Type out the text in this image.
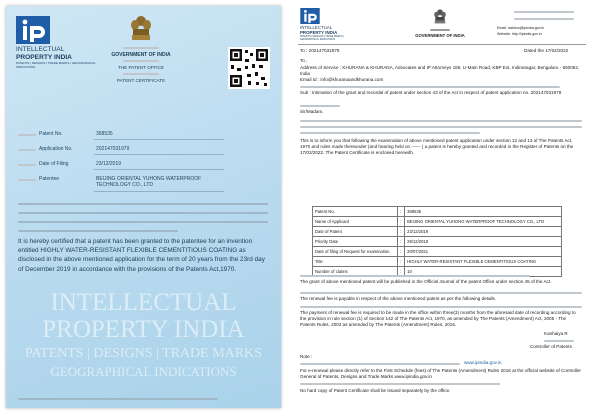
INTELLECTUAL
PROPERTY INDIA
PATENTS | DESIGNS | TRADE MARKS
GEOGRAPHICAL INDICATIONS
INTELLECTUAL
PROPERTY INDIA
PATENTS | DESIGNS | TRADE MARKS | GEOGRAPHICAL INDICATIONS
GOVERNMENT OF INDIA
THE PATENT OFFICE
PATENT CERTIFICATE
Patent No.	368535
Application No.	202147031979
Date of Filing	23/12/2019
Patentee	BEIJING ORIENTAL YUHONG WATERPROOF TECHNOLOGY CO., LTD
It is hereby certified that a patent has been granted to the patentee for an invention entitled HIGHLY WATER-RESISTANT FLEXIBLE CEMENTITIOUS COATING as disclosed in the above mentioned application for the term of 20 years from the 23rd day of December 2019 in accordance with the provisions of the Patents Act,1970.
INTELLECTUAL
PROPERTY INDIA
PATENTS | DESIGNS | TRADE MARKS | GEOGRAPHICAL INDICATIONS
GOVERNMENT OF INDIA
Email: dakhoo@ipindia.gov.in
Website: http://ipindia.gov.in
To : 202147031979	Dated the 17/02/2022
To ,
Address of Service : KHURANA & KHURANA, Advocates and IP Attorneys 186, U-Main Road, KBP Ext, Indiranagar, Bengaluru - 560062, India
Email Id : info@khuranaandkhurana.com
Sub : Intimation of the grant and recordal of patent under section 43 of the Act in respect of patent application no. 202147031979
Sir/Madam,
This is to inform you that following the examination of above mentioned patent application under section 12 and 13 of The Patents Act, 1970 and rules made thereunder (and hearing held on ------ ) a patent is hereby granted and recorded in the Register of Patents on the 17/02/2022. The Patent Certificate is enclosed herewith.
Patent No.	:	368535
Name of Applicant	:	BEIJING ORIENTAL YUHONG WATERPROOF TECHNOLOGY CO., LTD
Date of Patent	:	23/12/2019
Priority Date	:	29/12/2018
Date of filing of Request for examination	:	20/07/2021
Title	:	HIGHLY WATER-RESISTANT FLEXIBLE CEMENTITIOUS COATING
Number of claims	:	10
The grant of above mentioned patent will be published in the Official Journal of the patent Office under section 45 of the Act.
The renewal fee is payable in respect of the above mentioned patent as per the following details.
The payment of renewal fee is required to be made in the office within three(3) months from the aforesaid date of recording according to the provision in rule section (1) of Section 142 of The Patents Act, 1970, as amended by The Patents (Amendment) Act, 2005 - The Patents Rules, 2003 as amended by The Patents (Amendment) Rules, 2016.
Kanhaiya R
Controller of Patents
Note :
www.ipindia.gov.in
For e-renewal please directly refer to the First Schedule (fees) of The Patents (Amendment) Rules 2016 at the official website of Controller General of Patents, Designs and Trade Marks www.ipindia.gov.in
No hard copy of Patent Certificate shall be issued separately by the office.
